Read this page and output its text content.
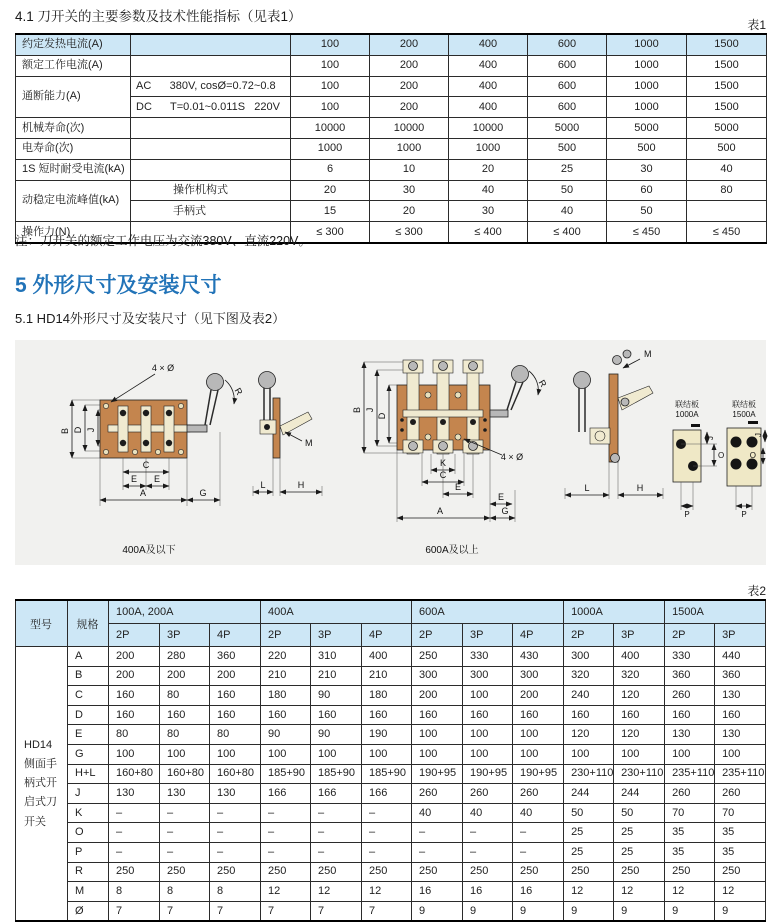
4.1 刀开关的主要参数及技术性能指标（见表1）
表1
约定发热电流(A)		100	200	400	600	1000	1500
额定工作电流(A)		100	200	400	600	1000	1500
通断能力(A)	AC      380V, cosØ=0.72~0.8	100	200	400	600	1000	1500
	DC      T=0.01~0.011S   220V	100	200	400	600	1000	1500
机械寿命(次)		10000	10000	10000	5000	5000	5000
电寿命(次)		1000	1000	1000	500	500	500
1S 短时耐受电流(kA)		6	10	20	25	30	40
动稳定电流峰值(kA)	操作机构式	20	30	40	50	60	80
	手柄式	15	20	30	40	50	
操作力(N)		≤ 300	≤ 300	≤ 400	≤ 400	≤ 450	≤ 450
注：刀开关的额定工作电压为交流380V、直流220V。
5 外形尺寸及安装尺寸
5.1 HD14外形尺寸及安装尺寸（见下图及表2）
B D J
4 × Ø
R
C
E E
A	G
M
L	H
400A及以下
B J
D
4 × Ø
R
K
C
E
E
A	G
M
L	H
联结板
1000A
J
O
P
联结板
1500A
J
O
P
600A及以上
表2
型号	规格	100A, 200A			400A			600A			1000A		1500A	
		2P	3P	4P	2P	3P	4P	2P	3P	4P	2P	3P	2P	3P
HD14 侧面手柄式开启式刀开关	A	200	280	360	220	310	400	250	330	430	300	400	330	440
	B	200	200	200	210	210	210	300	300	300	320	320	360	360
	C	160	80	160	180	90	180	200	100	200	240	120	260	130
	D	160	160	160	160	160	160	160	160	160	160	160	160	160
	E	80	80	80	90	90	190	100	100	100	120	120	130	130
	G	100	100	100	100	100	100	100	100	100	100	100	100	100
	H+L	160+80	160+80	160+80	185+90	185+90	185+90	190+95	190+95	190+95	230+110	230+110	235+110	235+110
	J	130	130	130	166	166	166	260	260	260	244	244	260	260
	K	–	–	–	–	–	–	40	40	40	50	50	70	70
	O	–	–	–	–	–	–	–	–	–	25	25	35	35
	P	–	–	–	–	–	–	–	–	–	25	25	35	35
	R	250	250	250	250	250	250	250	250	250	250	250	250	250
	M	8	8	8	12	12	12	16	16	16	12	12	12	12
	Ø	7	7	7	7	7	7	9	9	9	9	9	9	9
